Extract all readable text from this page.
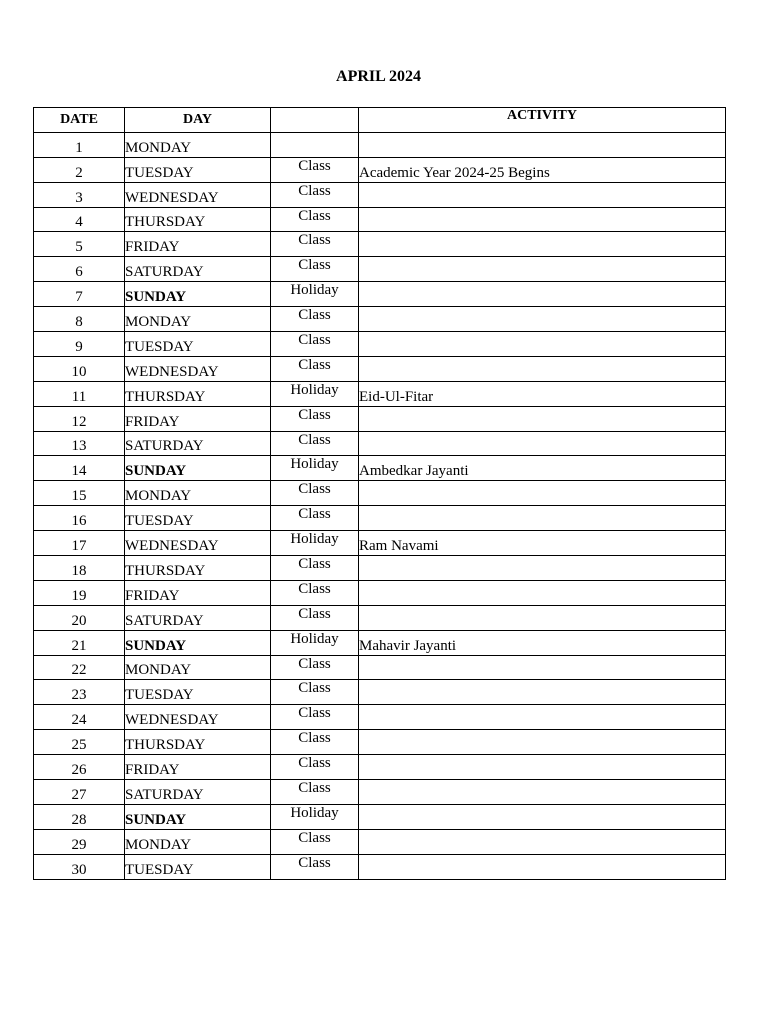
APRIL 2024
DATE	DAY		ACTIVITY
1	MONDAY		
2	TUESDAY	Class	Academic Year 2024-25 Begins
3	WEDNESDAY	Class	
4	THURSDAY	Class	
5	FRIDAY	Class	
6	SATURDAY	Class	
7	SUNDAY	Holiday	
8	MONDAY	Class	
9	TUESDAY	Class	
10	WEDNESDAY	Class	
11	THURSDAY	Holiday	Eid-Ul-Fitar
12	FRIDAY	Class	
13	SATURDAY	Class	
14	SUNDAY	Holiday	Ambedkar Jayanti
15	MONDAY	Class	
16	TUESDAY	Class	
17	WEDNESDAY	Holiday	Ram Navami
18	THURSDAY	Class	
19	FRIDAY	Class	
20	SATURDAY	Class	
21	SUNDAY	Holiday	Mahavir Jayanti
22	MONDAY	Class	
23	TUESDAY	Class	
24	WEDNESDAY	Class	
25	THURSDAY	Class	
26	FRIDAY	Class	
27	SATURDAY	Class	
28	SUNDAY	Holiday	
29	MONDAY	Class	
30	TUESDAY	Class	
